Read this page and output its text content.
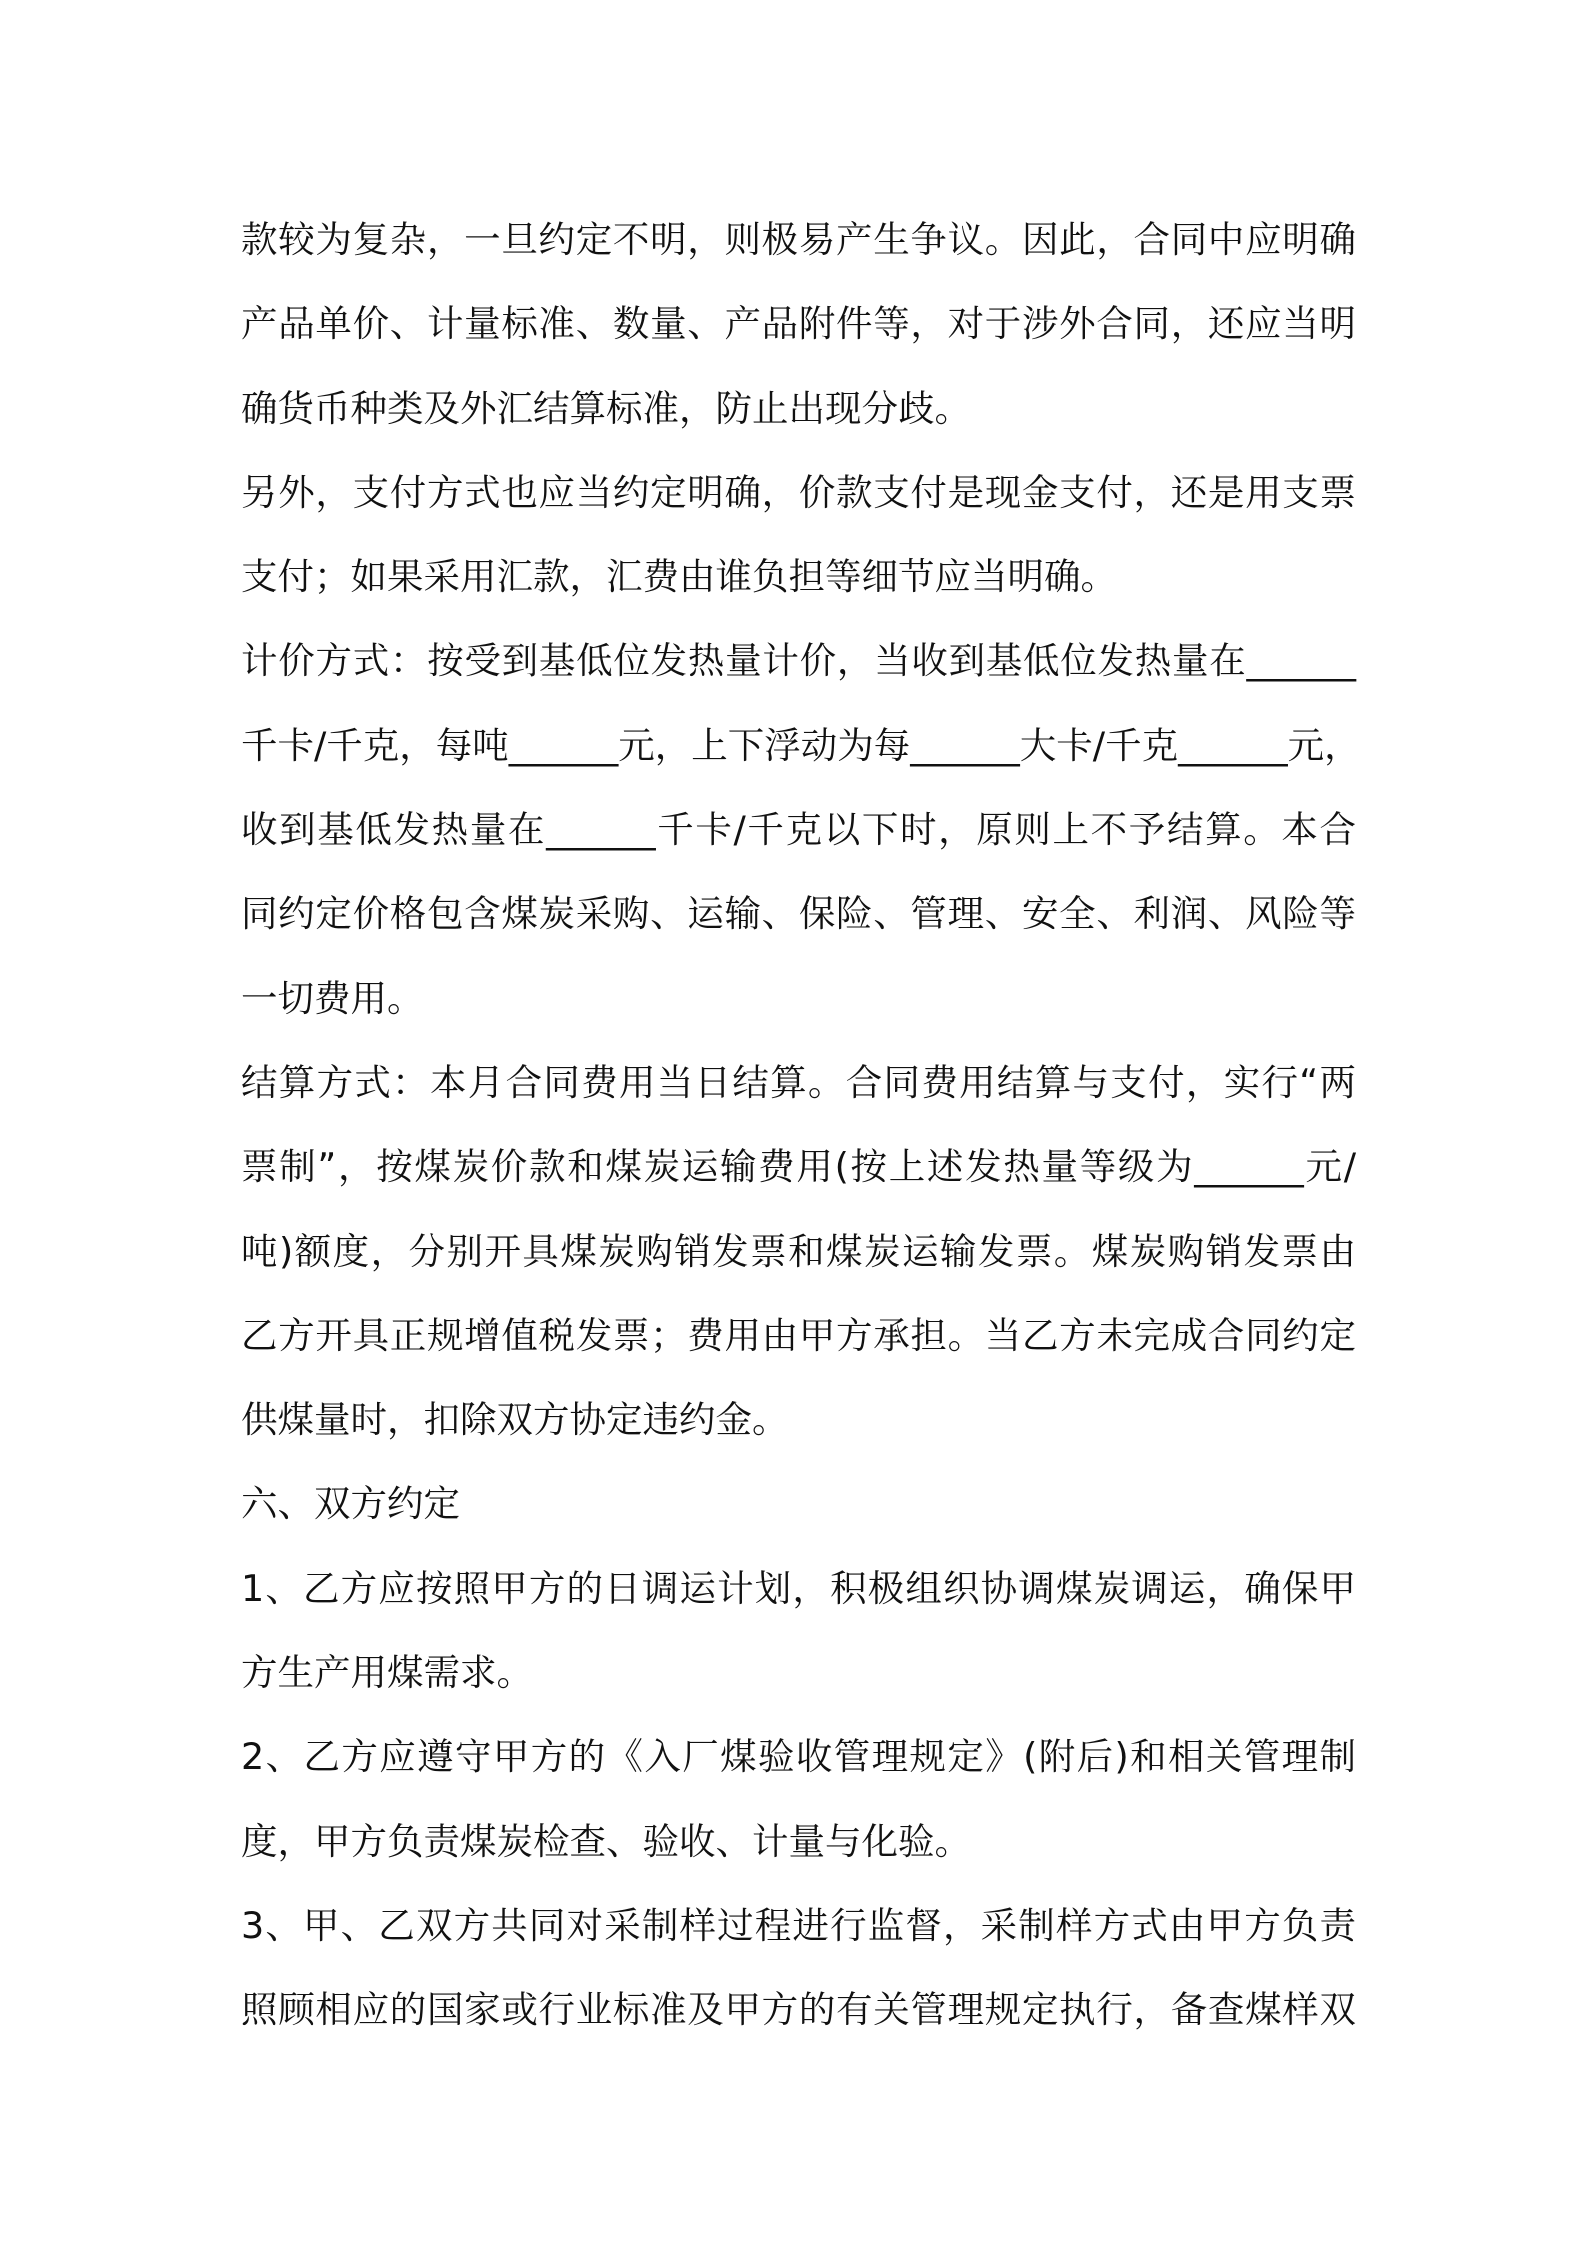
款较为复杂，一旦约定不明，则极易产生争议。因此，合同中应明确
产品单价、计量标准、数量、产品附件等，对于涉外合同，还应当明
确货币种类及外汇结算标准，防止出现分歧。
另外，支付方式也应当约定明确，价款支付是现金支付，还是用支票
支付；如果采用汇款，汇费由谁负担等细节应当明确。
计价方式：按受到基低位发热量计价，当收到基低位发热量在______
千卡/千克，每吨______元，上下浮动为每______大卡/千克______元，
收到基低发热量在______千卡/千克以下时，原则上不予结算。本合
同约定价格包含煤炭采购、运输、保险、管理、安全、利润、风险等
一切费用。
结算方式：本月合同费用当日结算。合同费用结算与支付，实行“两
票制”，按煤炭价款和煤炭运输费用(按上述发热量等级为______元/
吨)额度，分别开具煤炭购销发票和煤炭运输发票。煤炭购销发票由
乙方开具正规增值税发票；费用由甲方承担。当乙方未完成合同约定
供煤量时，扣除双方协定违约金。
六、双方约定
1、乙方应按照甲方的日调运计划，积极组织协调煤炭调运，确保甲
方生产用煤需求。
2、乙方应遵守甲方的《入厂煤验收管理规定》(附后)和相关管理制
度，甲方负责煤炭检查、验收、计量与化验。
3、甲、乙双方共同对采制样过程进行监督，采制样方式由甲方负责
照顾相应的国家或行业标准及甲方的有关管理规定执行，备查煤样双
